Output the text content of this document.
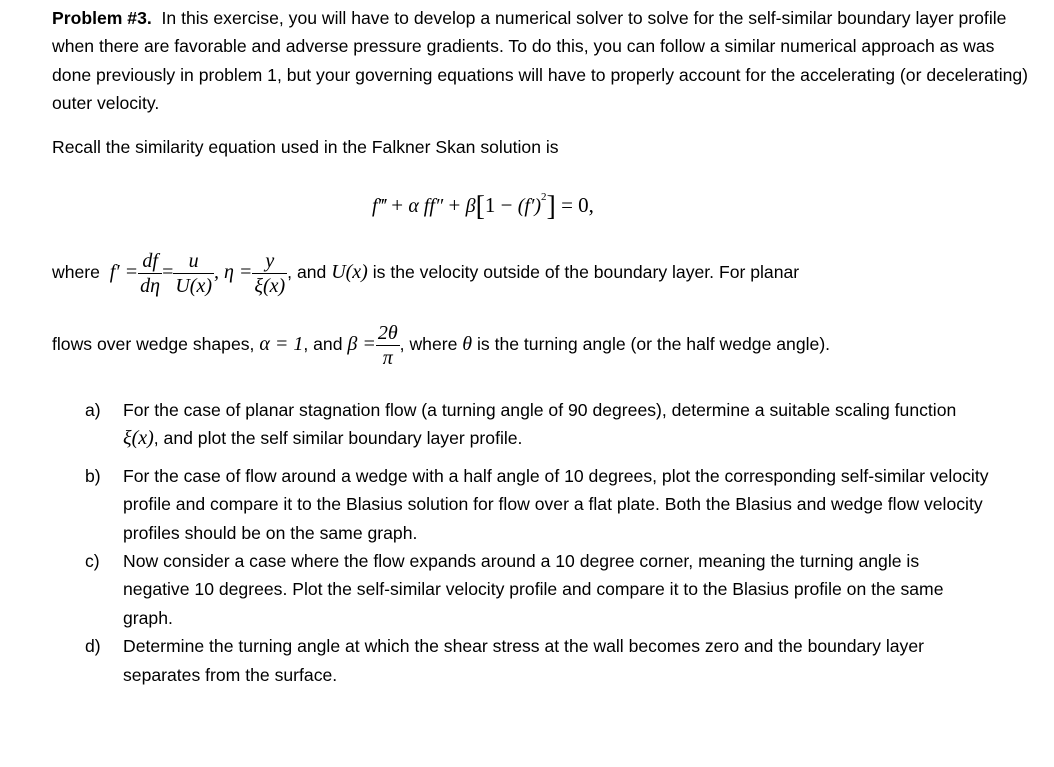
Problem #3. In this exercise, you will have to develop a numerical solver to solve for the self-similar boundary layer profile when there are favorable and adverse pressure gradients. To do this, you can follow a similar numerical approach as was done previously in problem 1, but your governing equations will have to properly account for the accelerating (or decelerating) outer velocity.

Recall the similarity equation used in the Falkner Skan solution is

f‴ + α $ff'' + \beta[1 - (f')^2] = 0$,

where $f' = \frac{df}{d\eta} = \frac{u}{U(x)}$ , $\eta = \frac{y}{\xi(x)}$ , and U(x) is the velocity outside of the boundary layer. For planar

flows over wedge shapes, α = 1, and $\beta = \frac{2\theta}{\pi}$ , where θ is the turning angle (or the half wedge angle).

a) For the case of planar stagnation flow (a turning angle of 90 degrees), determine a suitable scaling function ξ(x), and plot the self similar boundary layer profile.
b) For the case of flow around a wedge with a half angle of 10 degrees, plot the corresponding self-similar velocity profile and compare it to the Blasius solution for flow over a flat plate. Both the Blasius and wedge flow velocity profiles should be on the same graph.
c) Now consider a case where the flow expands around a 10 degree corner, meaning the turning angle is negative 10 degrees. Plot the self-similar velocity profile and compare it to the Blasius profile on the same graph.
d) Determine the turning angle at which the shear stress at the wall becomes zero and the boundary layer separates from the surface.
